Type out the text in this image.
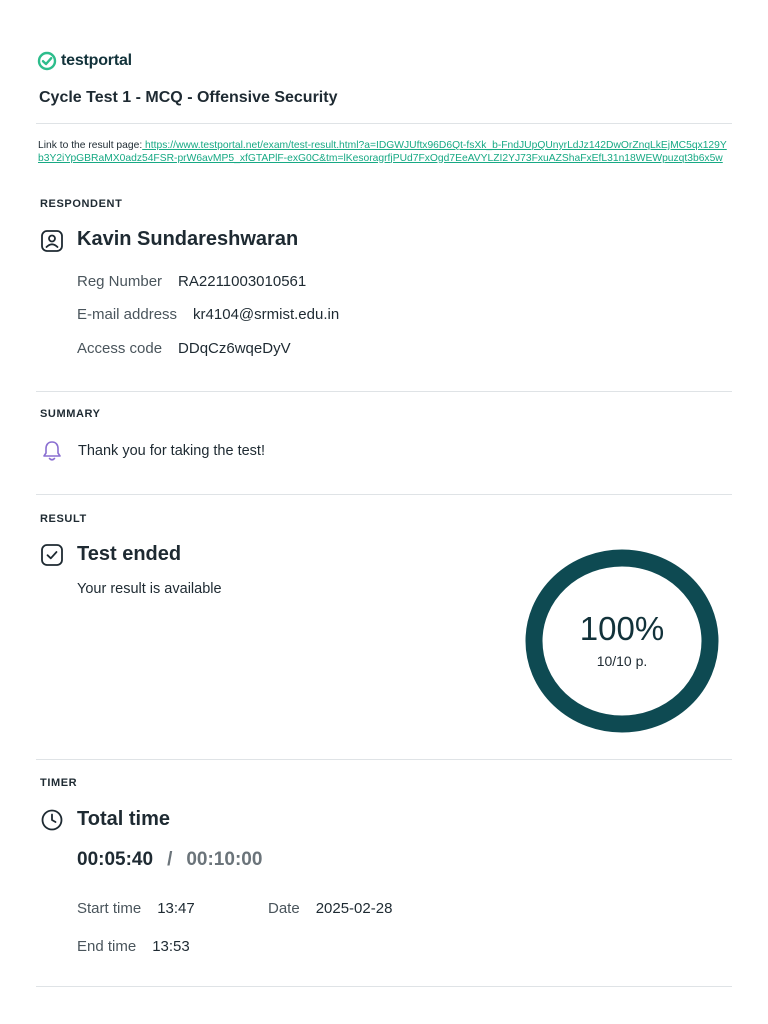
testportal
Cycle Test 1 - MCQ - Offensive Security
Link to the result page: https://www.testportal.net/exam/test-result.html?a=IDGWJUftx96D6Qt-fsXk_b-FndJUpQUnyrLdJz142DwOrZnqLkEjMC5qx129Yb3Y2iYpGBRaMX0adz54FSR-prW6avMP5_xfGTAPlF-exG0C&tm=lKesoragrfjPUd7FxOgd7EeAVYLZI2YJ73FxuAZShaFxEfL31n18WEWpuzqt3b6x5w
RESPONDENT
Kavin Sundareshwaran
Reg Number RA2211003010561
E-mail address kr4104@srmist.edu.in
Access code DDqCz6wqeDyV
SUMMARY
Thank you for taking the test!
RESULT
Test ended
Your result is available
100%
10/10 p.
TIMER
Total time
00:05:40 / 00:10:00
Start time 13:47	Date 2025-02-28
End time 13:53
